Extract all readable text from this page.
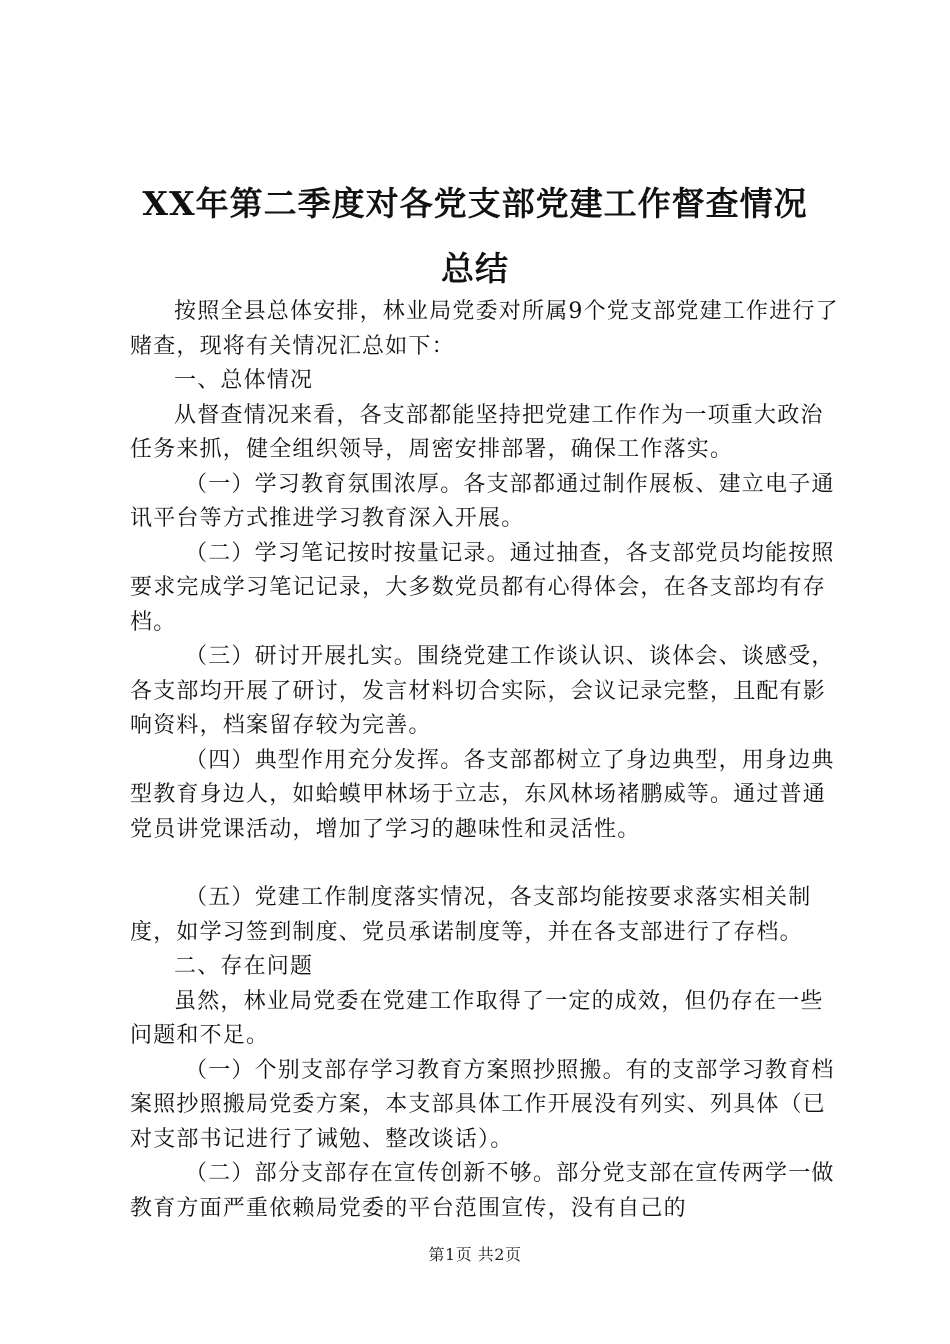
XX年第二季度对各党支部党建工作督查情况
总结

按照全县总体安排，林业局党委对所属9个党支部党建工作进行了赌查，现将有关情况汇总如下：

一、总体情况

从督查情况来看，各支部都能坚持把党建工作作为一项重大政治任务来抓，健全组织领导，周密安排部署，确保工作落实。

（一）学习教育氛围浓厚。各支部都通过制作展板、建立电子通讯平台等方式推进学习教育深入开展。

（二）学习笔记按时按量记录。通过抽查，各支部党员均能按照要求完成学习笔记记录，大多数党员都有心得体会，在各支部均有存档。

（三）研讨开展扎实。围绕党建工作谈认识、谈体会、谈感受，各支部均开展了研讨，发言材料切合实际，会议记录完整，且配有影响资料，档案留存较为完善。

（四）典型作用充分发挥。各支部都树立了身边典型，用身边典型教育身边人，如蛤蟆甲林场于立志，东风林场褚鹏威等。通过普通党员讲党课活动，增加了学习的趣味性和灵活性。

（五）党建工作制度落实情况，各支部均能按要求落实相关制度，如学习签到制度、党员承诺制度等，并在各支部进行了存档。

二、存在问题

虽然，林业局党委在党建工作取得了一定的成效，但仍存在一些问题和不足。

（一）个别支部存学习教育方案照抄照搬。有的支部学习教育档案照抄照搬局党委方案，本支部具体工作开展没有列实、列具体（已对支部书记进行了诫勉、整改谈话）。

（二）部分支部存在宣传创新不够。部分党支部在宣传两学一做教育方面严重依赖局党委的平台范围宣传，没有自己的

第1页 共2页
